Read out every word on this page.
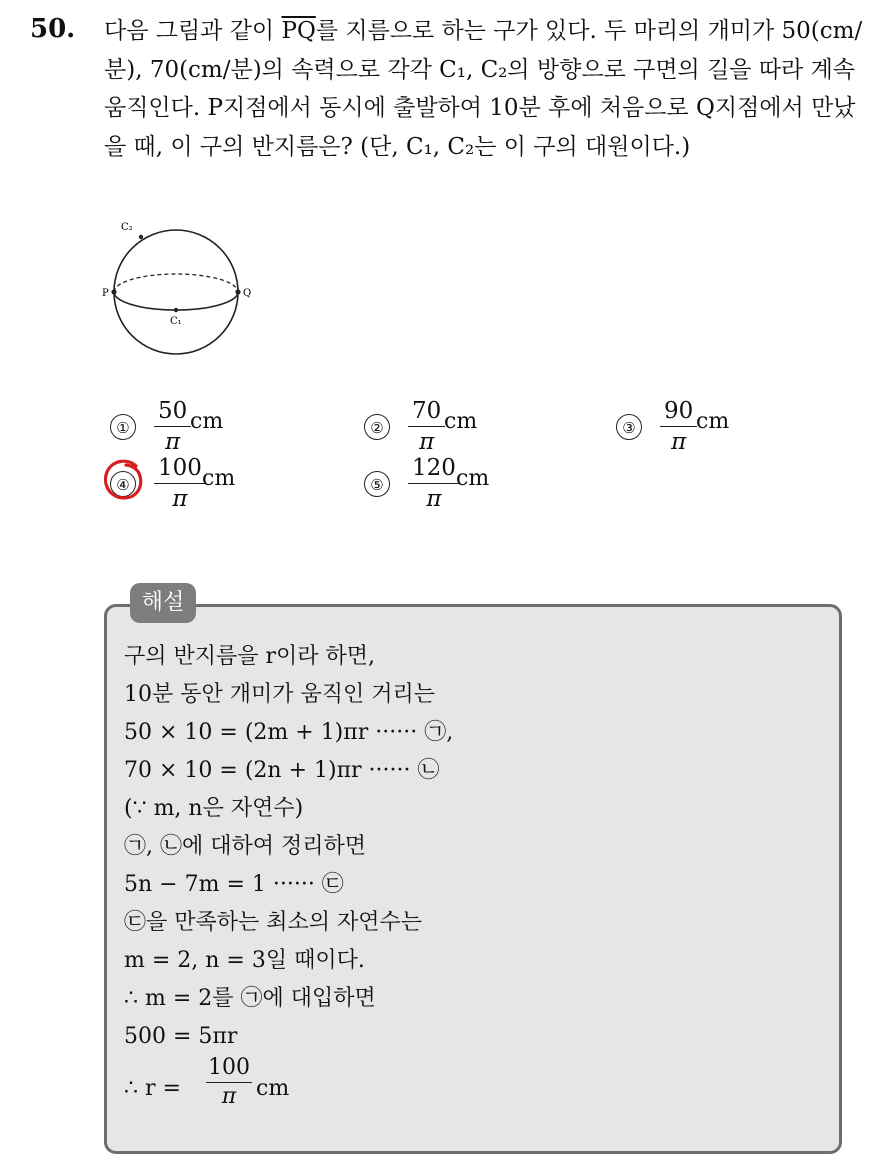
50. 다음 그림과 같이 $\overline{PQ}$를 지름으로 하는 구가 있다. 두 마리의 개미가 50(cm/분), 70(cm/분)의 속력으로 각각 C₁, C₂의 방향으로 구면의 길을 따라 계속 움직인다. P지점에서 동시에 출발하여 10분 후에 처음으로 Q지점에서 만났을 때, 이 구의 반지름은? (단, C₁, C₂는 이 구의 대원이다.)

C₂
P	Q
C₁
①
50
π
cm	②
70
π
cm	③
90
π
cm
④
100
π
cm	⑤
120
π
cm
해설
구의 반지름을 r이라 하면,
10분 동안 개미가 움직인 거리는
50 × 10 = (2m + 1)πr ······ ㉠,
70 × 10 = (2n + 1)πr ······ ㉡
(∵ m, n은 자연수)
㉠, ㉡에 대하여 정리하면
5n − 7m = 1 ······ ㉢
㉢을 만족하는 최소의 자연수는
m = 2, n = 3일 때이다.
∴ m = 2를 ㉠에 대입하면
500 = 5πr
∴ r =
100
π cm
